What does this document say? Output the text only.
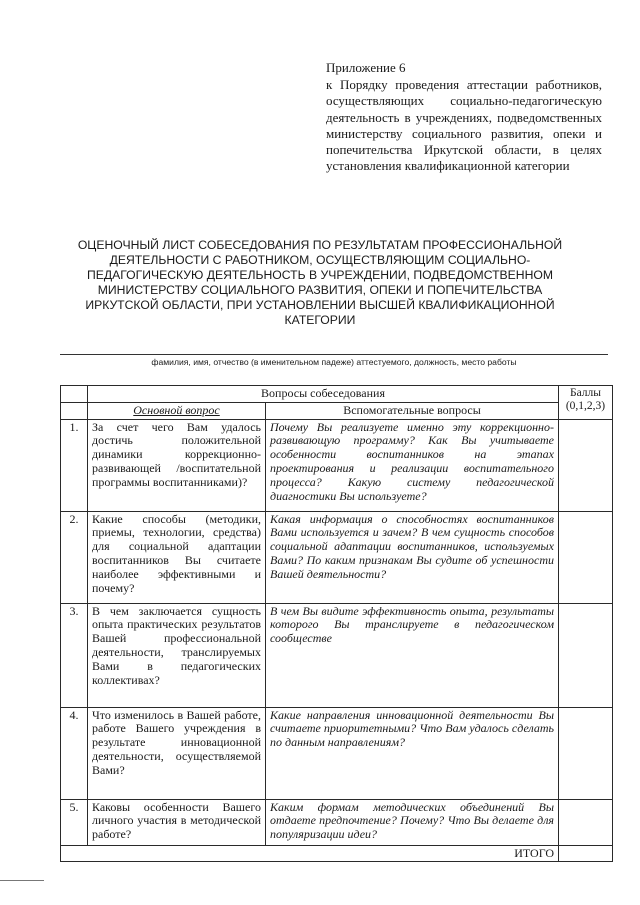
Приложение 6
к Порядку проведения аттестации работников, осуществляющих социально-педагогическую деятельность в учреждениях, подведомственных министерству социального развития, опеки и попечительства Иркутской области, в целях установления квалификационной категории
ОЦЕНОЧНЫЙ ЛИСТ СОБЕСЕДОВАНИЯ ПО РЕЗУЛЬТАТАМ ПРОФЕССИОНАЛЬНОЙ ДЕЯТЕЛЬНОСТИ С РАБОТНИКОМ, ОСУЩЕСТВЛЯЮЩИМ СОЦИАЛЬНО-ПЕДАГОГИЧЕСКУЮ ДЕЯТЕЛЬНОСТЬ В УЧРЕЖДЕНИИ, ПОДВЕДОМСТВЕННОМ МИНИСТЕРСТВУ СОЦИАЛЬНОГО РАЗВИТИЯ, ОПЕКИ И ПОПЕЧИТЕЛЬСТВА ИРКУТСКОЙ ОБЛАСТИ, ПРИ УСТАНОВЛЕНИИ ВЫСШЕЙ КВАЛИФИКАЦИОННОЙ КАТЕГОРИИ
фамилия, имя, отчество (в именительном падеже) аттестуемого, должность, место работы
	Вопросы собеседования		Баллы (0,1,2,3)
	Основной вопрос	Вспомогательные вопросы	
1.	За счет чего Вам удалось достичь положительной динамики коррекционно-развивающей /воспитательной программы воспитанниками)?	Почему Вы реализуете именно эту коррекционно-развивающую программу? Как Вы учитываете особенности воспитанников на этапах проектирования и реализации воспитательного процесса? Какую систему педагогической диагностики Вы используете?	
2.	Какие способы (методики, приемы, технологии, средства) для социальной адаптации воспитанников Вы считаете наиболее эффективными и почему?	Какая информация о способностях воспитанников Вами используется и зачем? В чем сущность способов социальной адаптации воспитанников, используемых Вами? По каким признакам Вы судите об успешности Вашей деятельности?	
3.	В чем заключается сущность опыта практических результатов Вашей профессиональной деятельности, транслируемых Вами в педагогических коллективах?	В чем Вы видите эффективность опыта, результаты которого Вы транслируете в педагогическом сообществе	
4.	Что изменилось в Вашей работе, работе Вашего учреждения в результате инновационной деятельности, осуществляемой Вами?	Какие направления инновационной деятельности Вы считаете приоритетными? Что Вам удалось сделать по данным направлениям?	
5.	Каковы особенности Вашего личного участия в методической работе?	Каким формам методических объединений Вы отдаете предпочтение? Почему? Что Вы делаете для популяризации идеи?	
ИТОГО			
